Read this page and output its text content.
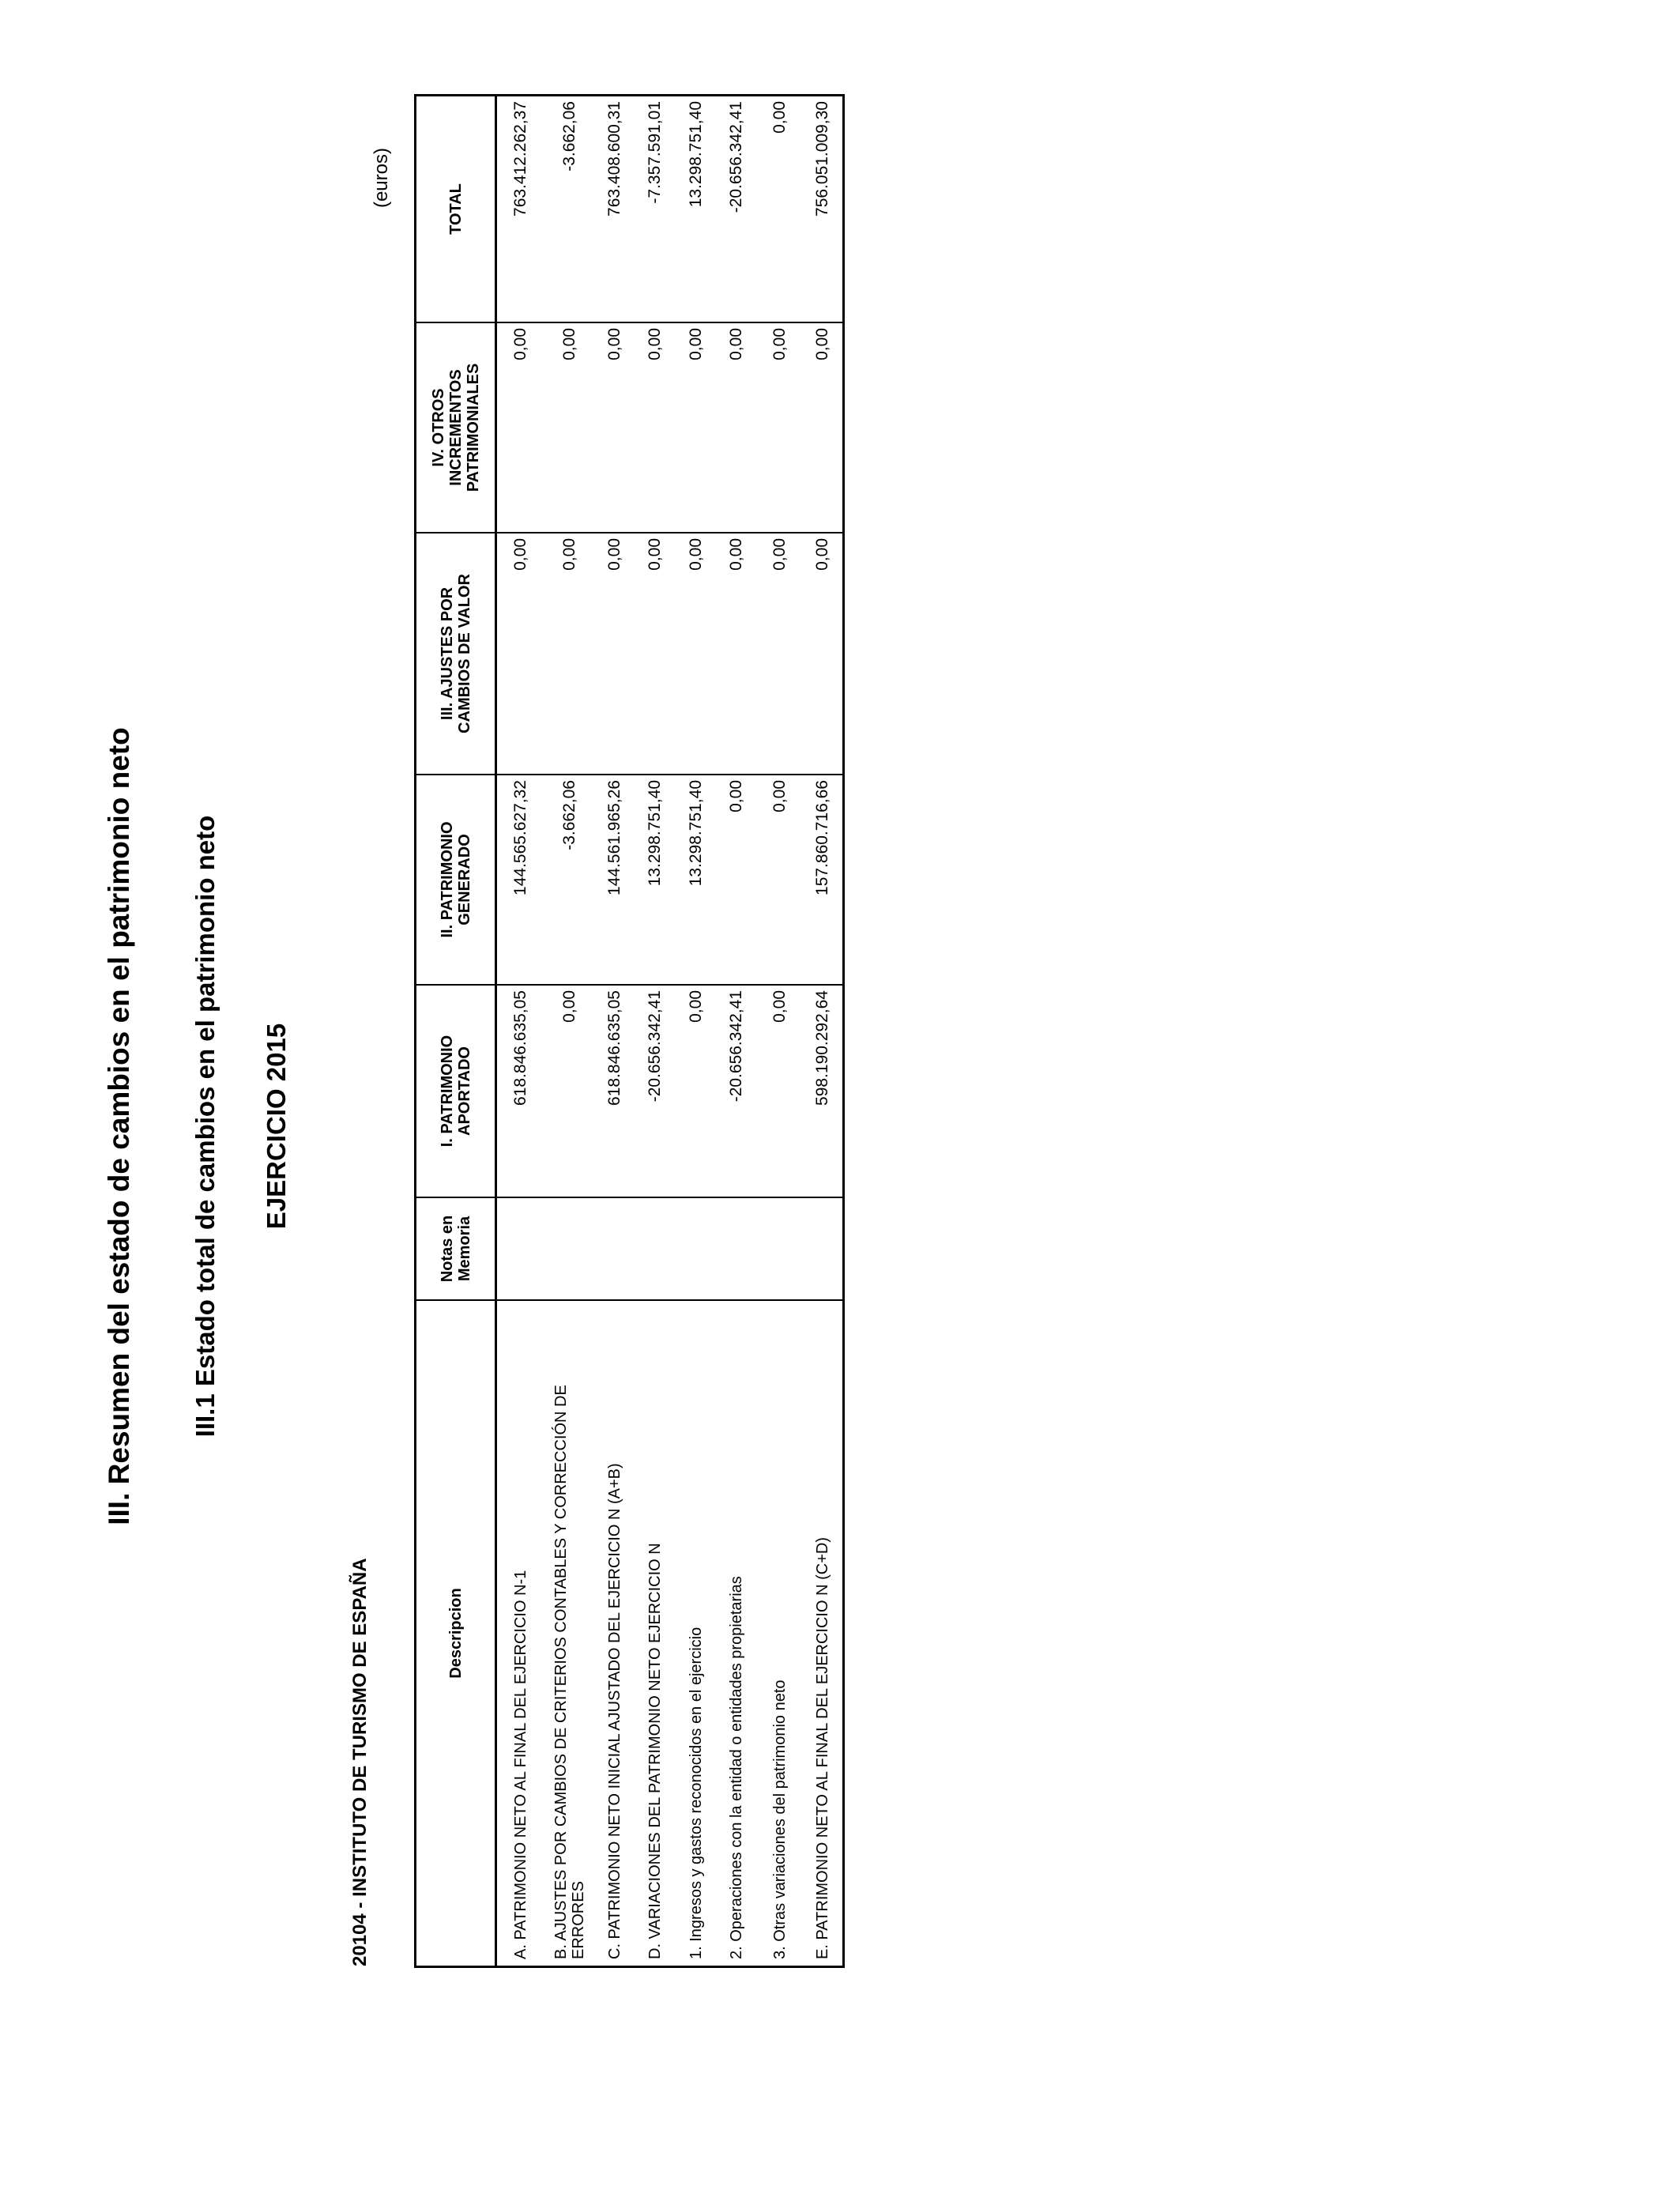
III. Resumen del estado de cambios en el patrimonio neto III.1 Estado total de cambios en el patrimonio neto EJERCICIO 2015
20104 - INSTITUTO DE TURISMO DE ESPAÑA
(euros)
Descripcion
Notas en Memoria
I. PATRIMONIO APORTADO
II. PATRIMONIO GENERADO
III. AJUSTES POR CAMBIOS DE VALOR
IV. OTROS INCREMENTOS PATRIMONIALES
TOTAL
A. PATRIMONIO NETO AL FINAL DEL EJERCICIO N-1
618.846.635,05
144.565.627,32
0,00
0,00
763.412.262,37
B. AJUSTES POR CAMBIOS DE CRITERIOS CONTABLES Y CORRECCIÓN DE ERRORES
0,00
-3.662,06
0,00
0,00
-3.662,06
C. PATRIMONIO NETO INICIAL AJUSTADO DEL EJERCICIO N (A+B)
618.846.635,05
144.561.965,26
0,00
0,00
763.408.600,31
D. VARIACIONES DEL PATRIMONIO NETO EJERCICIO N
-20.656.342,41
13.298.751,40
0,00
0,00
-7.357.591,01
1. Ingresos y gastos reconocidos en el ejercicio
0,00
13.298.751,40
0,00
0,00
13.298.751,40
2. Operaciones con la entidad o entidades propietarias
-20.656.342,41
0,00
0,00
0,00
-20.656.342,41
3. Otras variaciones del patrimonio neto
0,00
0,00
0,00
0,00
0,00
E. PATRIMONIO NETO AL FINAL DEL EJERCICIO N (C+D)
598.190.292,64
157.860.716,66
0,00
0,00
756.051.009,30
